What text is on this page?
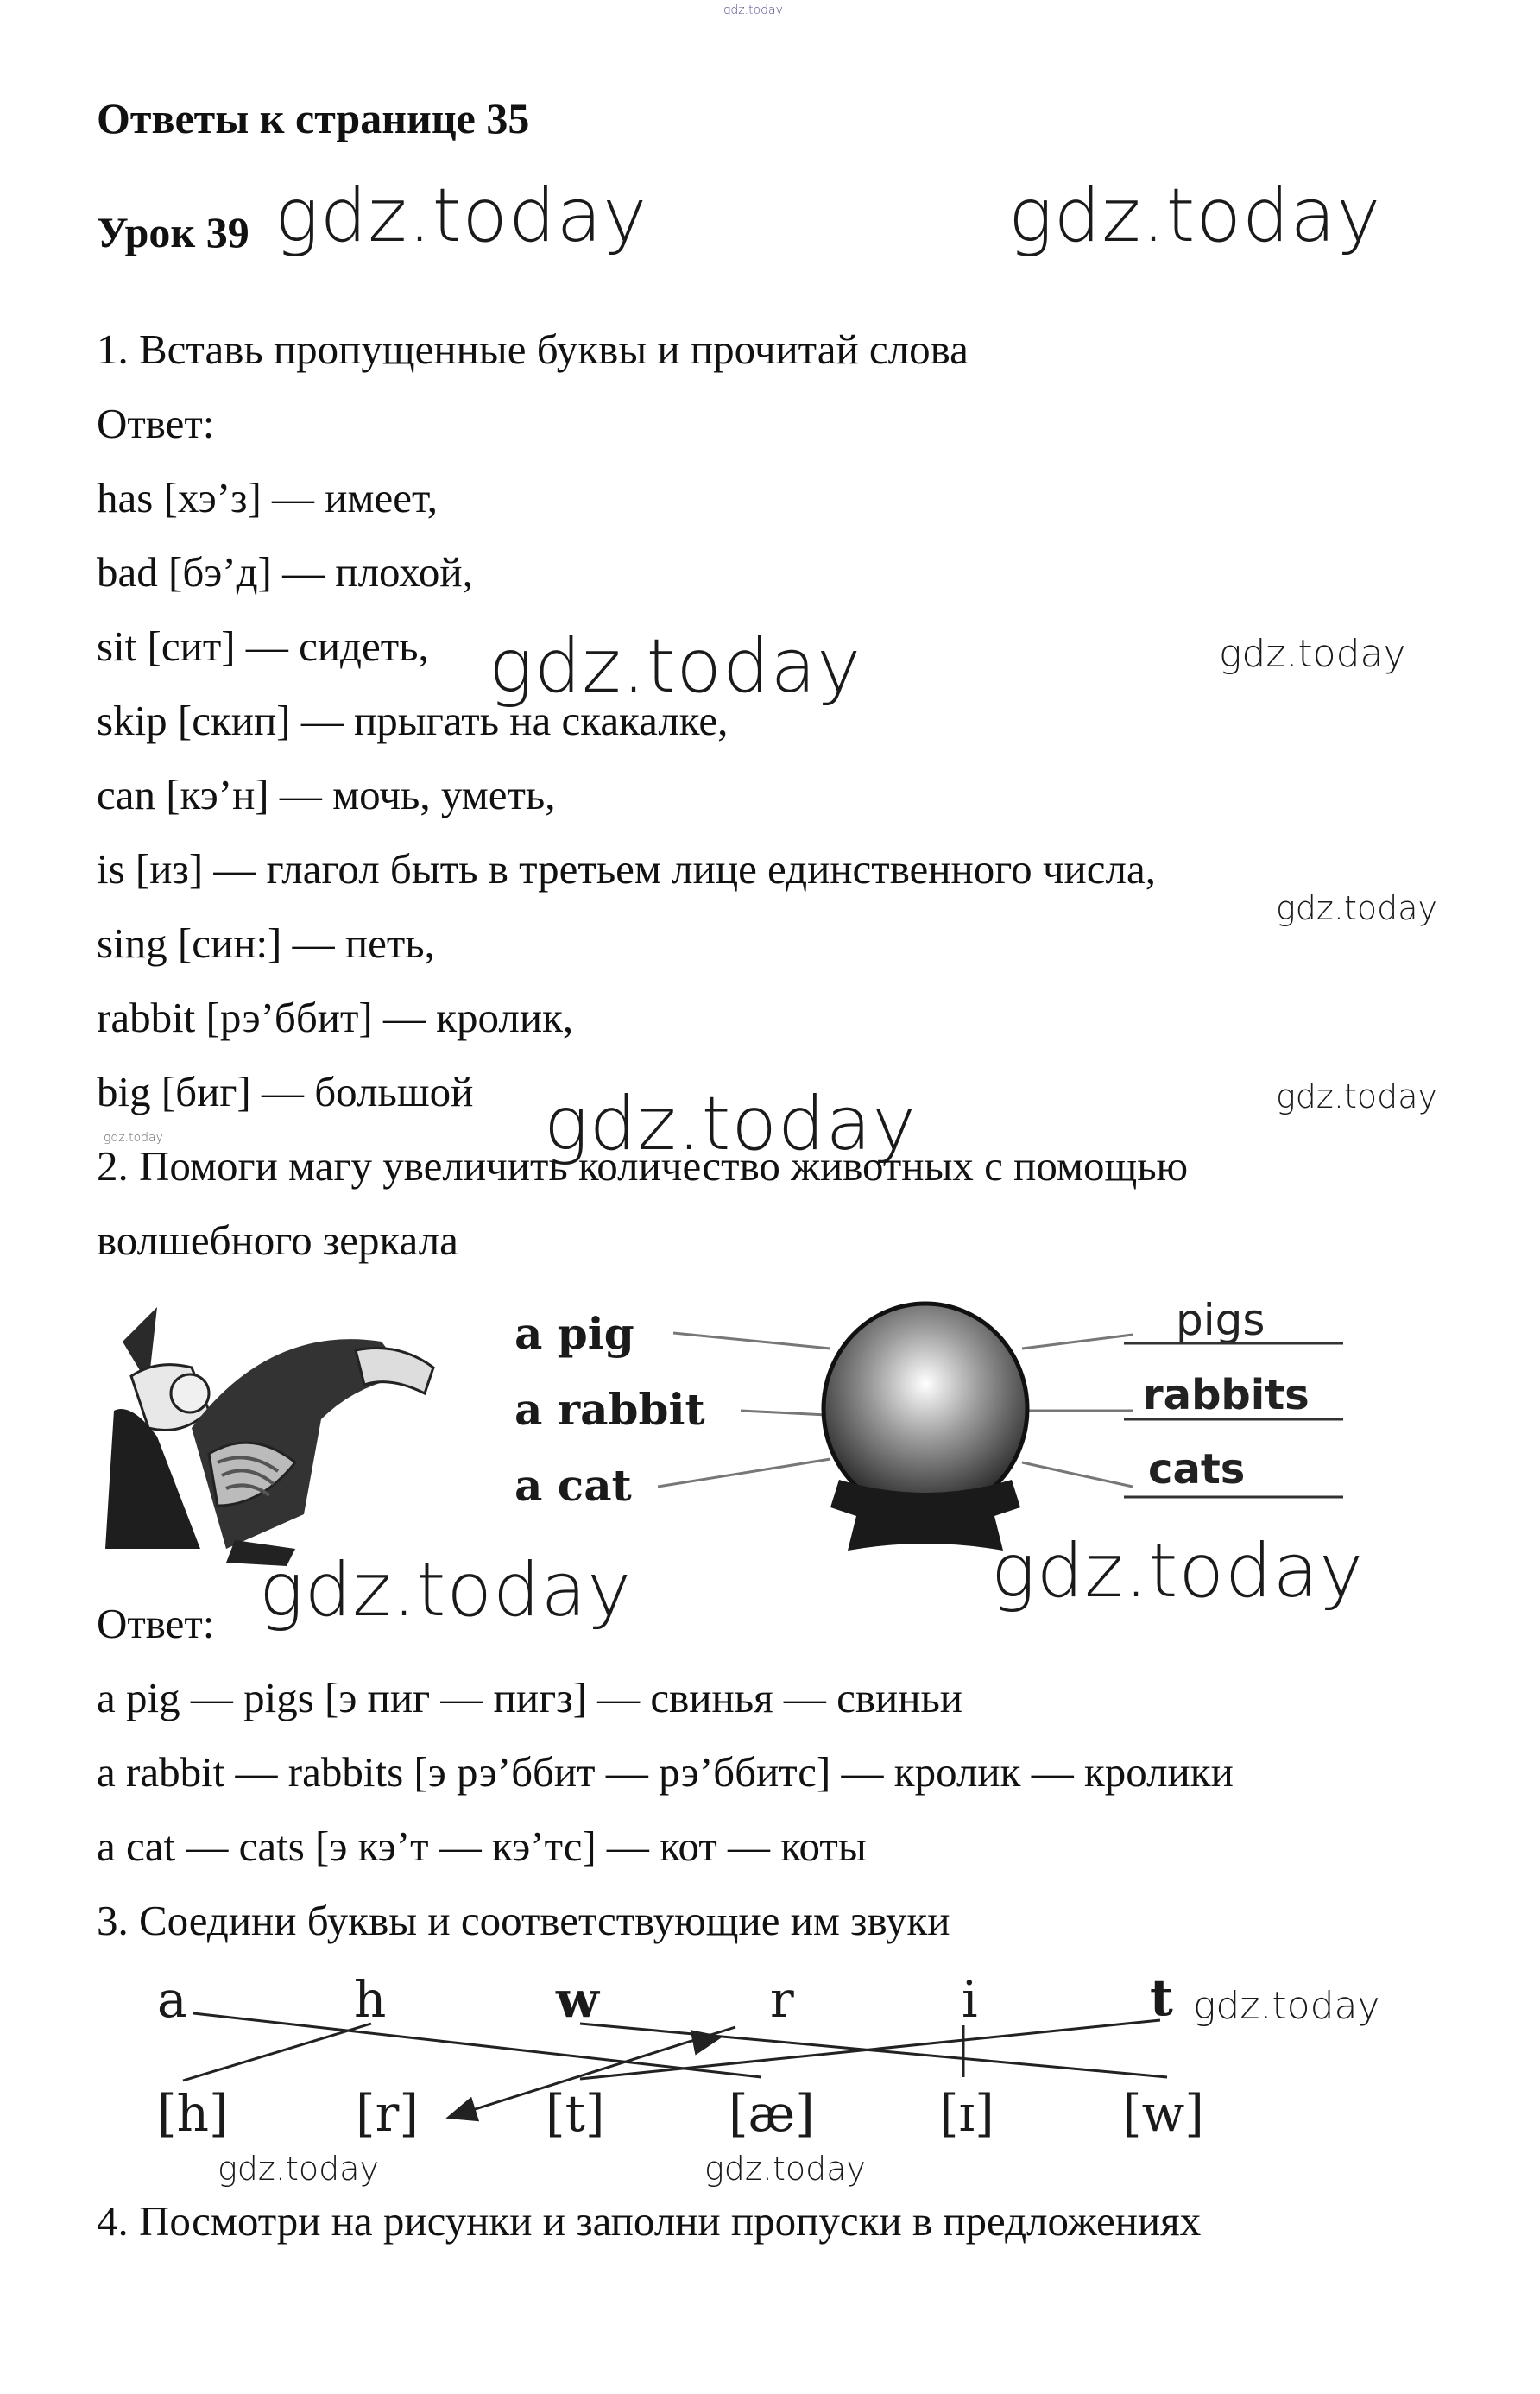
gdz.today
Ответы к странице 35
Урок 39 gdz.today	gdz.today
1. Вставь пропущенные буквы и прочитай слова
Ответ:
has [хэ’з] — имеет,
bad [бэ’д] — плохой,
sit [сит] — сидеть,
skip [скип] — прыгать на скакалке,
can [кэ’н] — мочь, уметь,
is [из] — глагол быть в третьем лице единственного числа,
sing [син:] — петь,
rabbit [рэ’ббит] — кролик,
big [биг] — большой
gdz.today	gdz.today
gdz.today
gdz.today
gdz.today
gdz.today
2. Помоги магу увеличить количество животных с помощью
волшебного зеркала
a pig
a rabbit
a cat
pigs
rabbits
cats
gdz.today
gdz.today
Ответ:
a pig — pigs [э пиг — пигз] — свинья — свиньи
a rabbit — rabbits [э рэ’ббит — рэ’ббитс] — кролик — кролики
a cat — cats [э кэ’т — кэ’тс] — кот — коты
3. Соедини буквы и соответствующие им звуки
a	h	w	r	i	t
[h]	[r]	[t] [æ] [ɪ]	[w]
gdz.today
gdz.today	gdz.today
4. Посмотри на рисунки и заполни пропуски в предложениях
